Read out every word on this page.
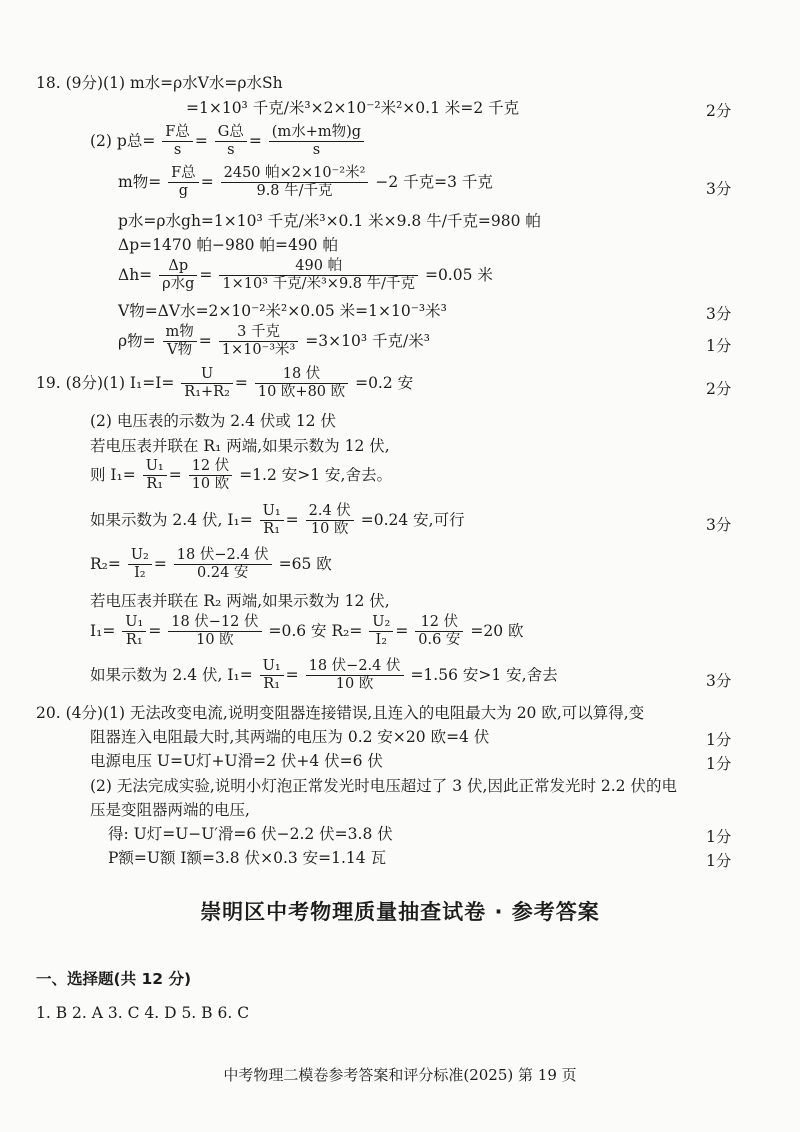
18. (9分)(1) m水=ρ水V水=ρ水Sh
=1×10³ 千克/米³×2×10⁻²米²×0.1 米=2 千克	2分
(2) p总= F总
s = G总
s = (m水+m物)g
s
m物= F总
g = 2450 帕×2×10⁻²米²
9.8 牛/千克	−2 千克=3 千克	3分
p水=ρ水gh=1×10³ 千克/米³×0.1 米×9.8 牛/千克=980 帕
Δp=1470 帕−980 帕=490 帕
Δh=	Δp
ρ水g =	490 帕
1×10³ 千克/米³×9.8 牛/千克 =0.05 米
V物=ΔV水=2×10⁻²米²×0.05 米=1×10⁻³米³	3分
ρ物= m物
V物 =	3 千克
1×10⁻³米³ =3×10³ 千克/米³	1分
19. (8分)(1) $I_1=I= \frac{U}{\text{R₁+R₂}}$ =	18 伏
10 欧+80 欧 =0.2 安	2分
(2) 电压表的示数为 2.4 伏或 12 伏
若电压表并联在 R₁ 两端,如果示数为 12 伏,
则 $I_1= \frac{\text{U₁}}{\text{R₁}} = 12$ 伏
10 欧 =1.2 安>1 安,舍去。
如果示数为 2.4 伏, $I_1= \frac{\text{U₁}}{\text{R₁}} = 2.4$ 伏
10 欧 =0.24 安,可行	3分
$R_2= \frac{\text{U₂}}{\text{I₂}} = 18$ 伏−2.4 伏
0.24 安	=65 欧
若电压表并联在 R₂ 两端,如果示数为 12 伏,
$I_1= \frac{\text{U₁}}{\text{R₁}} = 18$ 伏−12 伏
10 欧	=0.6 安 $R_2= \frac{\text{U₂}}{\text{I₂}} = 12$ 伏
0.6 安 =20 欧
如果示数为 2.4 伏, $I_1= \frac{\text{U₁}}{\text{R₁}} = 18$ 伏−2.4 伏
10 欧	=1.56 安>1 安,舍去	3分
20. (4分)(1) 无法改变电流,说明变阻器连接错误,且连入的电阻最大为 20 欧,可以算得,变
阻器连入电阻最大时,其两端的电压为 0.2 安×20 欧=4 伏	1分
电源电压 U=U灯+U滑=2 伏+4 伏=6 伏	1分
(2) 无法完成实验,说明小灯泡正常发光时电压超过了 3 伏,因此正常发光时 2.2 伏的电
压是变阻器两端的电压,
得: U灯=U−U′滑=6 伏−2.2 伏=3.8 伏	1分
P额=U额 I额=3.8 伏×0.3 安=1.14 瓦	1分
崇明区中考物理质量抽查试卷 · 参考答案
一、选择题(共 12 分)
1. B 2. A 3. C 4. D 5. B 6. C
中考物理二模卷参考答案和评分标准(2025) 第 19 页
